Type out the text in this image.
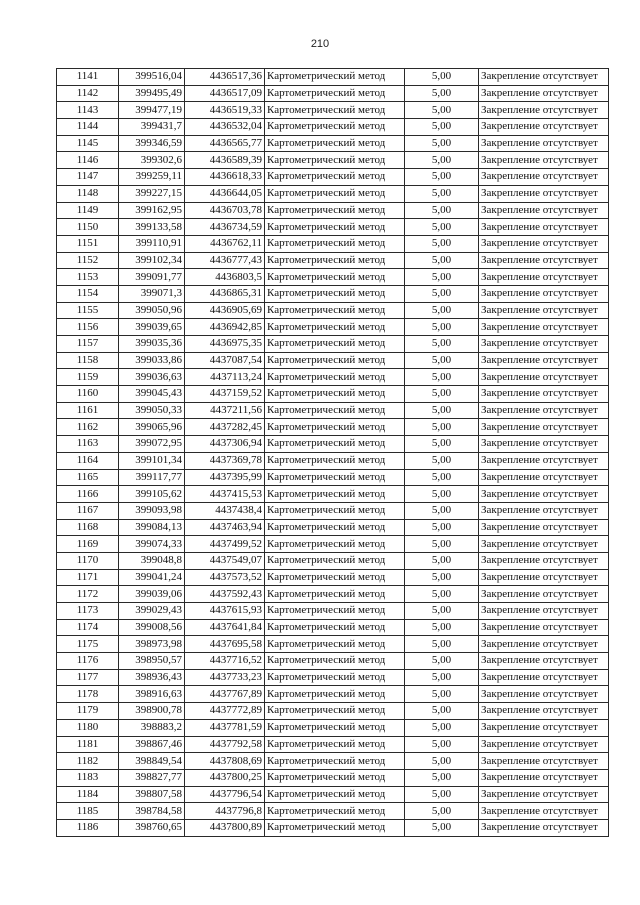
210
1141	399516,04	4436517,36	Картометрический метод	5,00	Закрепление отсутствует
1142	399495,49	4436517,09	Картометрический метод	5,00	Закрепление отсутствует
1143	399477,19	4436519,33	Картометрический метод	5,00	Закрепление отсутствует
1144	399431,7	4436532,04	Картометрический метод	5,00	Закрепление отсутствует
1145	399346,59	4436565,77	Картометрический метод	5,00	Закрепление отсутствует
1146	399302,6	4436589,39	Картометрический метод	5,00	Закрепление отсутствует
1147	399259,11	4436618,33	Картометрический метод	5,00	Закрепление отсутствует
1148	399227,15	4436644,05	Картометрический метод	5,00	Закрепление отсутствует
1149	399162,95	4436703,78	Картометрический метод	5,00	Закрепление отсутствует
1150	399133,58	4436734,59	Картометрический метод	5,00	Закрепление отсутствует
1151	399110,91	4436762,11	Картометрический метод	5,00	Закрепление отсутствует
1152	399102,34	4436777,43	Картометрический метод	5,00	Закрепление отсутствует
1153	399091,77	4436803,5	Картометрический метод	5,00	Закрепление отсутствует
1154	399071,3	4436865,31	Картометрический метод	5,00	Закрепление отсутствует
1155	399050,96	4436905,69	Картометрический метод	5,00	Закрепление отсутствует
1156	399039,65	4436942,85	Картометрический метод	5,00	Закрепление отсутствует
1157	399035,36	4436975,35	Картометрический метод	5,00	Закрепление отсутствует
1158	399033,86	4437087,54	Картометрический метод	5,00	Закрепление отсутствует
1159	399036,63	4437113,24	Картометрический метод	5,00	Закрепление отсутствует
1160	399045,43	4437159,52	Картометрический метод	5,00	Закрепление отсутствует
1161	399050,33	4437211,56	Картометрический метод	5,00	Закрепление отсутствует
1162	399065,96	4437282,45	Картометрический метод	5,00	Закрепление отсутствует
1163	399072,95	4437306,94	Картометрический метод	5,00	Закрепление отсутствует
1164	399101,34	4437369,78	Картометрический метод	5,00	Закрепление отсутствует
1165	399117,77	4437395,99	Картометрический метод	5,00	Закрепление отсутствует
1166	399105,62	4437415,53	Картометрический метод	5,00	Закрепление отсутствует
1167	399093,98	4437438,4	Картометрический метод	5,00	Закрепление отсутствует
1168	399084,13	4437463,94	Картометрический метод	5,00	Закрепление отсутствует
1169	399074,33	4437499,52	Картометрический метод	5,00	Закрепление отсутствует
1170	399048,8	4437549,07	Картометрический метод	5,00	Закрепление отсутствует
1171	399041,24	4437573,52	Картометрический метод	5,00	Закрепление отсутствует
1172	399039,06	4437592,43	Картометрический метод	5,00	Закрепление отсутствует
1173	399029,43	4437615,93	Картометрический метод	5,00	Закрепление отсутствует
1174	399008,56	4437641,84	Картометрический метод	5,00	Закрепление отсутствует
1175	398973,98	4437695,58	Картометрический метод	5,00	Закрепление отсутствует
1176	398950,57	4437716,52	Картометрический метод	5,00	Закрепление отсутствует
1177	398936,43	4437733,23	Картометрический метод	5,00	Закрепление отсутствует
1178	398916,63	4437767,89	Картометрический метод	5,00	Закрепление отсутствует
1179	398900,78	4437772,89	Картометрический метод	5,00	Закрепление отсутствует
1180	398883,2	4437781,59	Картометрический метод	5,00	Закрепление отсутствует
1181	398867,46	4437792,58	Картометрический метод	5,00	Закрепление отсутствует
1182	398849,54	4437808,69	Картометрический метод	5,00	Закрепление отсутствует
1183	398827,77	4437800,25	Картометрический метод	5,00	Закрепление отсутствует
1184	398807,58	4437796,54	Картометрический метод	5,00	Закрепление отсутствует
1185	398784,58	4437796,8	Картометрический метод	5,00	Закрепление отсутствует
1186	398760,65	4437800,89	Картометрический метод	5,00	Закрепление отсутствует
